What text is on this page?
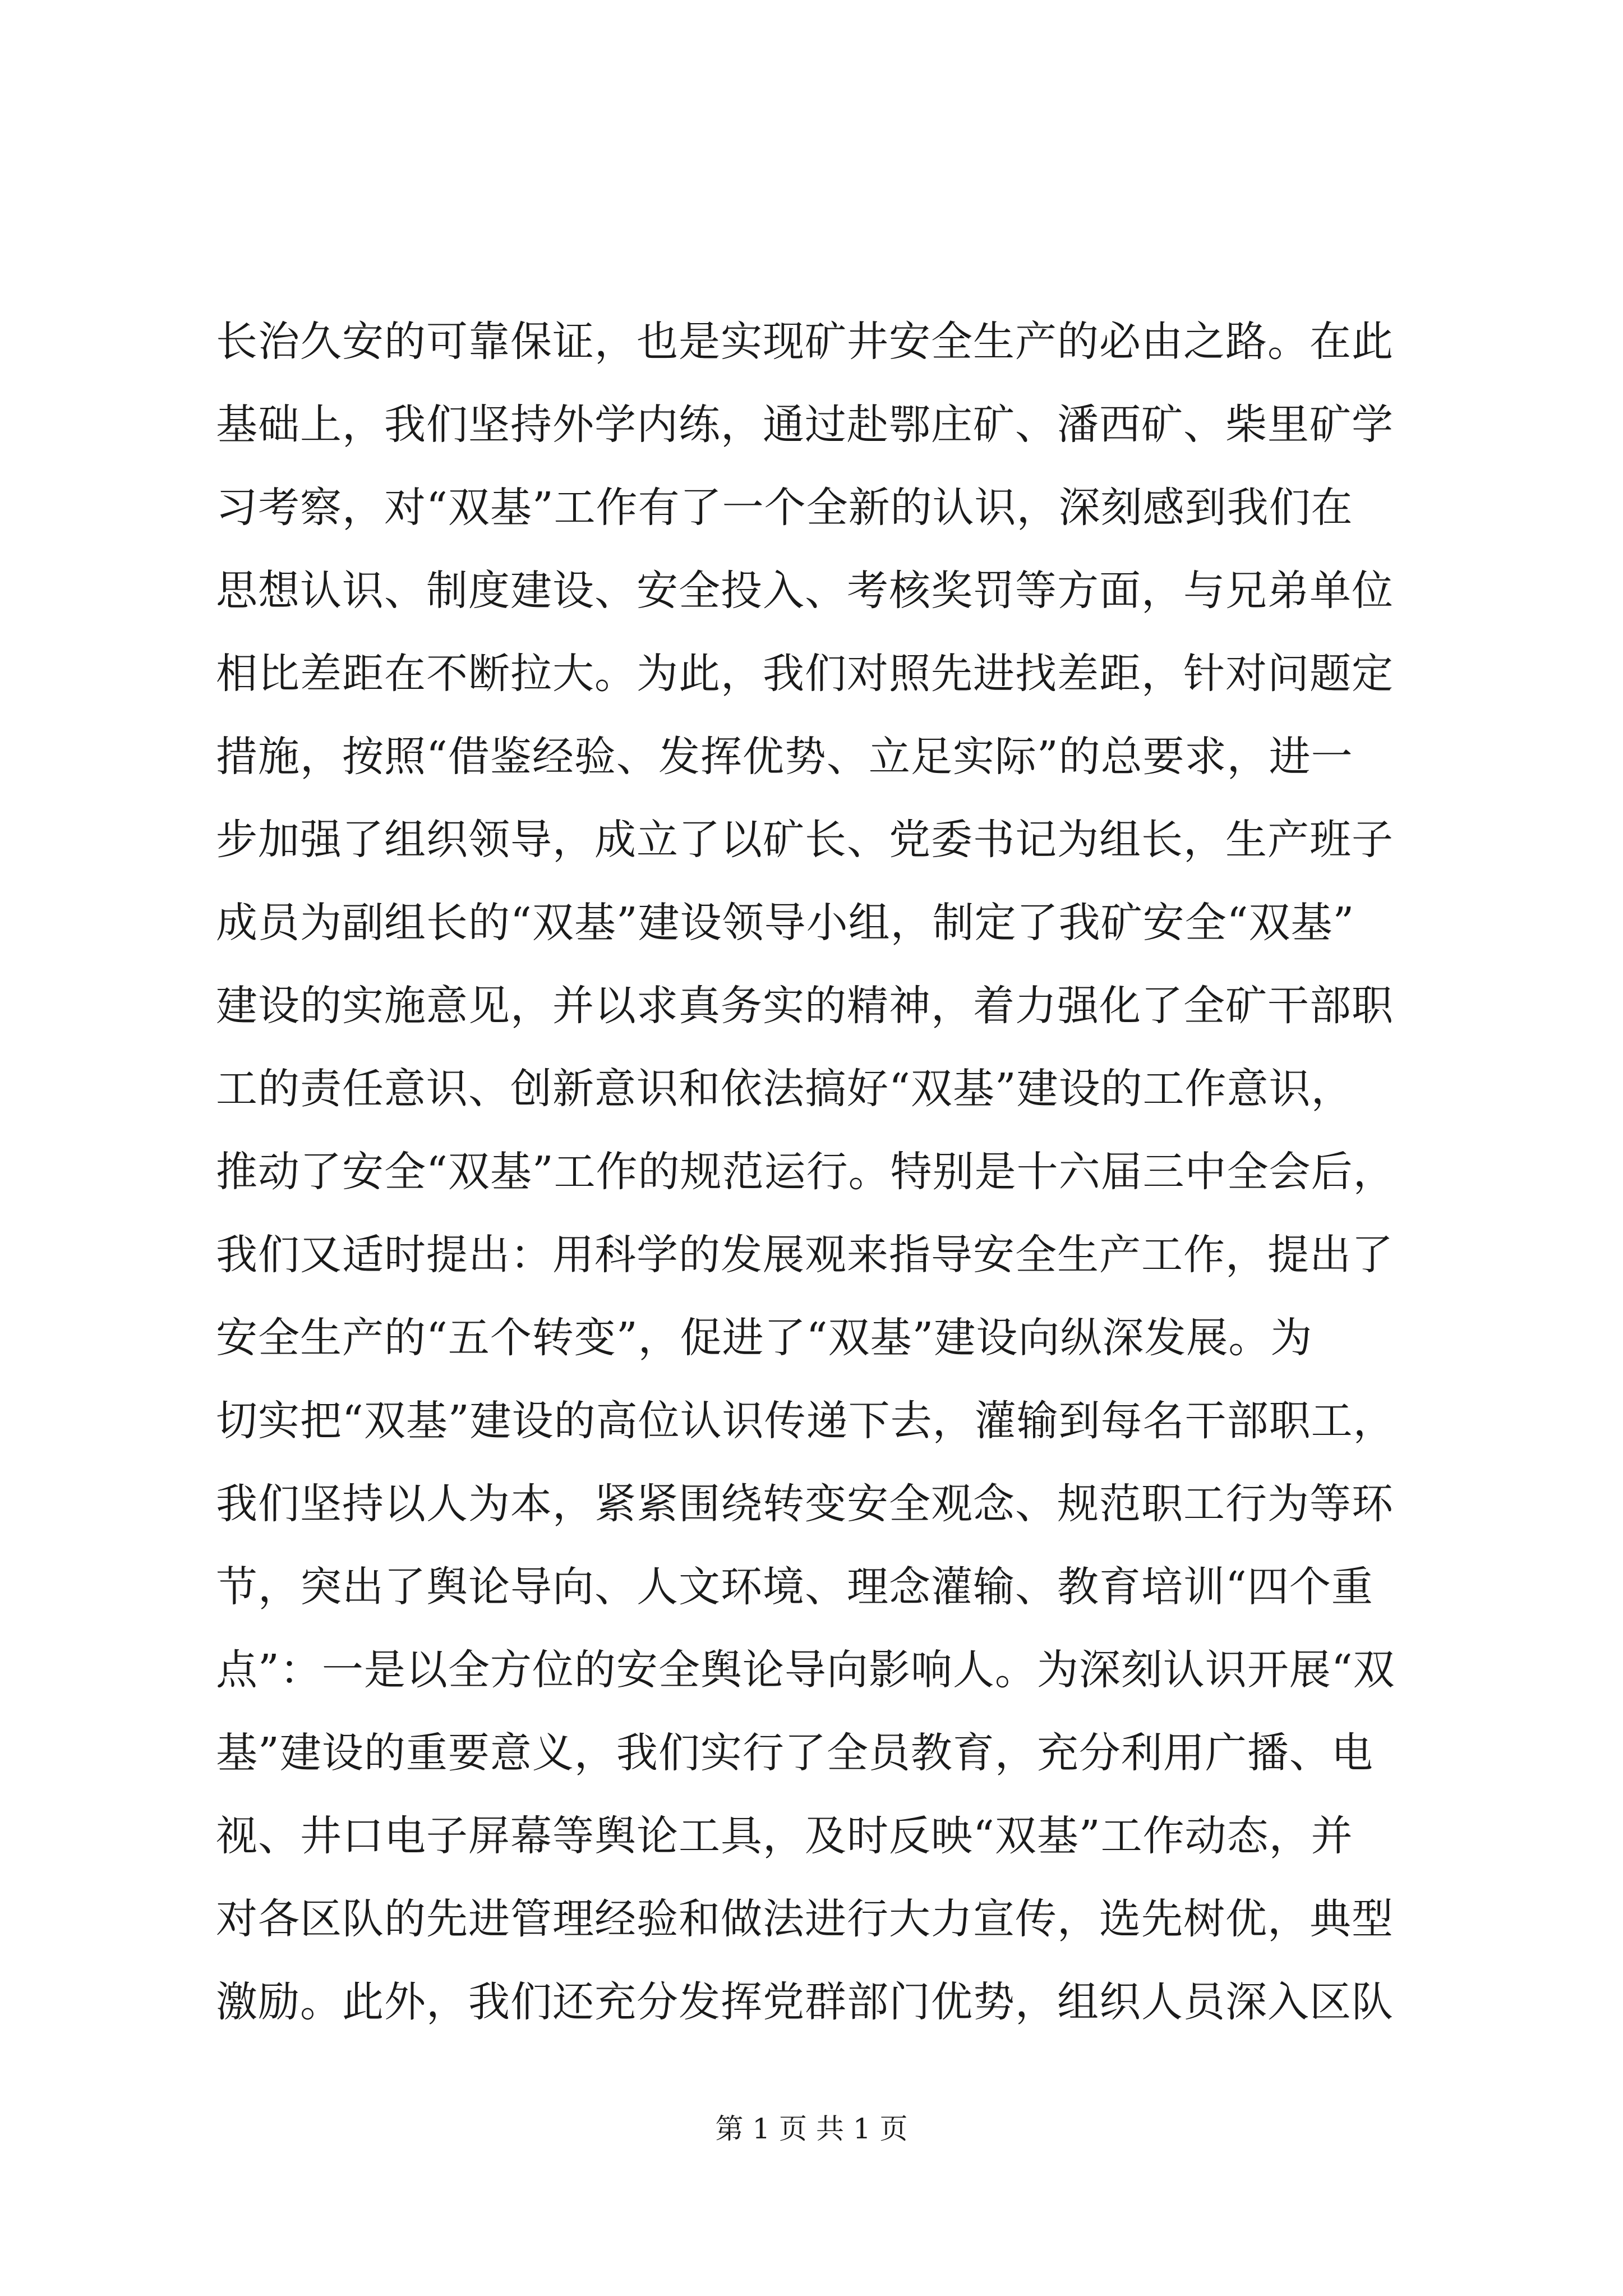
长治久安的可靠保证，也是实现矿井安全生产的必由之路。在此
基础上，我们坚持外学内练，通过赴鄂庄矿、潘西矿、柴里矿学
习考察，对“双基”工作有了一个全新的认识，深刻感到我们在
思想认识、制度建设、安全投入、考核奖罚等方面，与兄弟单位
相比差距在不断拉大。为此，我们对照先进找差距，针对问题定
措施，按照“借鉴经验、发挥优势、立足实际”的总要求，进一
步加强了组织领导，成立了以矿长、党委书记为组长，生产班子
成员为副组长的“双基”建设领导小组，制定了我矿安全“双基”
建设的实施意见，并以求真务实的精神，着力强化了全矿干部职
工的责任意识、创新意识和依法搞好“双基”建设的工作意识，
推动了安全“双基”工作的规范运行。特别是十六届三中全会后，
我们又适时提出：用科学的发展观来指导安全生产工作，提出了
安全生产的“五个转变”，促进了“双基”建设向纵深发展。为
切实把“双基”建设的高位认识传递下去，灌输到每名干部职工，
我们坚持以人为本，紧紧围绕转变安全观念、规范职工行为等环
节，突出了舆论导向、人文环境、理念灌输、教育培训“四个重
点”：一是以全方位的安全舆论导向影响人。为深刻认识开展“双
基”建设的重要意义，我们实行了全员教育，充分利用广播、电
视、井口电子屏幕等舆论工具，及时反映“双基”工作动态，并
对各区队的先进管理经验和做法进行大力宣传，选先树优，典型
激励。此外，我们还充分发挥党群部门优势，组织人员深入区队
第 1 页 共 1 页
